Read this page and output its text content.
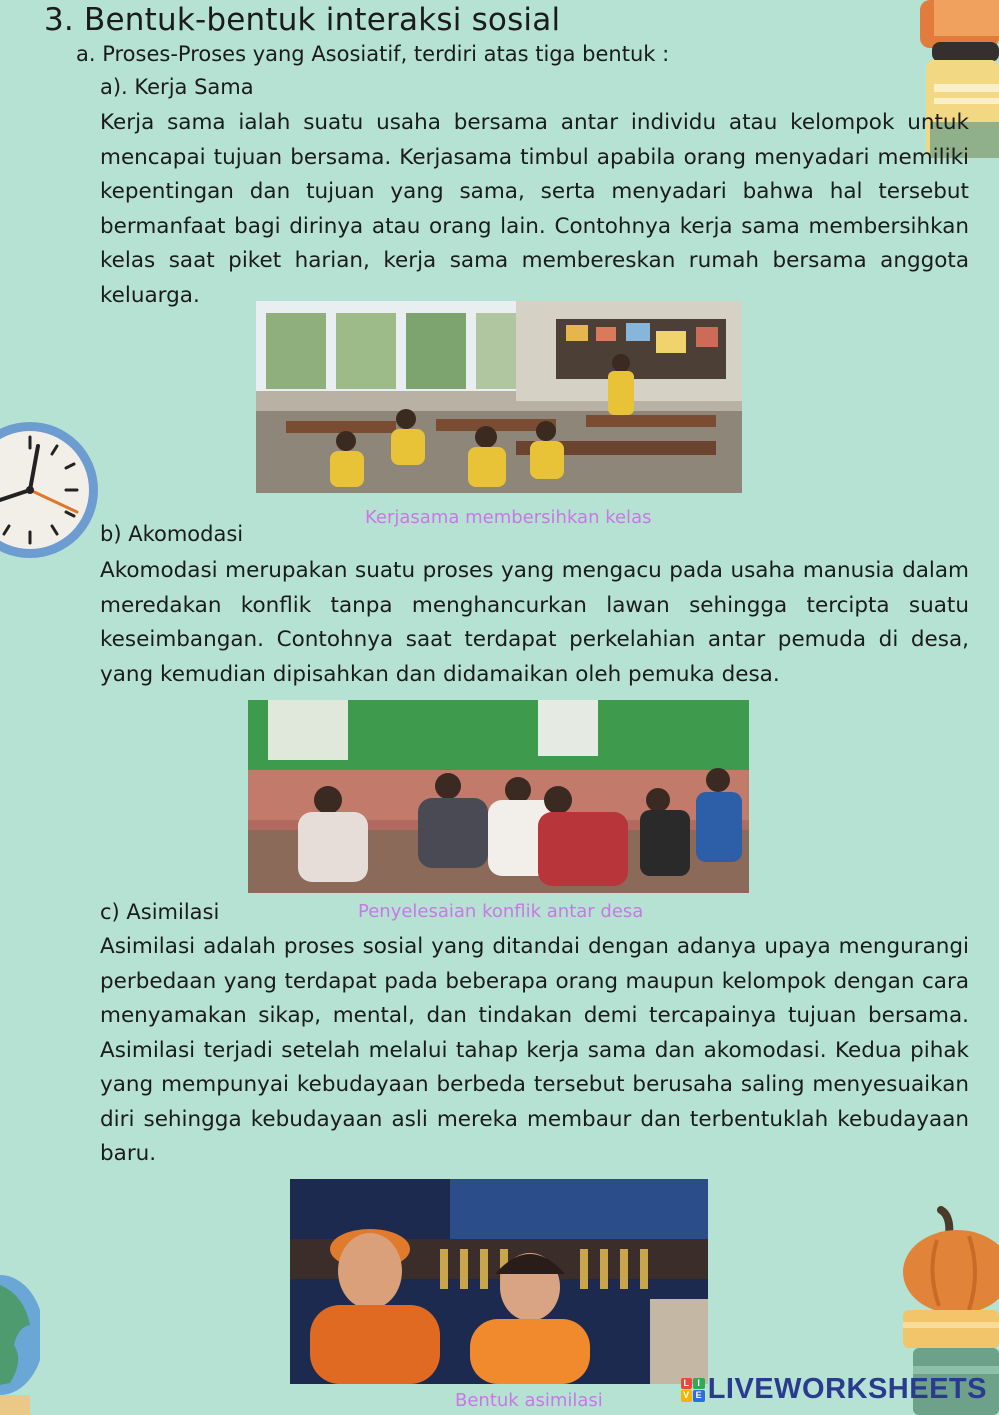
3. Bentuk-bentuk interaksi sosial
a. Proses-Proses yang Asosiatif, terdiri atas tiga bentuk :
a). Kerja Sama
Kerja sama ialah suatu usaha bersama antar individu atau kelompok untuk mencapai tujuan bersama. Kerjasama timbul apabila orang menyadari memiliki kepentingan dan tujuan yang sama, serta menyadari bahwa hal tersebut bermanfaat bagi dirinya atau orang lain. Contohnya kerja sama membersihkan kelas saat piket harian, kerja sama membereskan rumah bersama anggota keluarga.
Kerjasama membersihkan kelas
b) Akomodasi
Akomodasi merupakan suatu proses yang mengacu pada usaha manusia dalam meredakan konflik tanpa menghancurkan lawan sehingga tercipta suatu keseimbangan. Contohnya saat terdapat perkelahian antar pemuda di desa, yang kemudian dipisahkan dan didamaikan oleh pemuka desa.
c) Asimilasi	Penyelesaian konflik antar desa
Asimilasi adalah proses sosial yang ditandai dengan adanya upaya mengurangi perbedaan yang terdapat pada beberapa orang maupun kelompok dengan cara menyamakan sikap, mental, dan tindakan demi tercapainya tujuan bersama. Asimilasi terjadi setelah melalui tahap kerja sama dan akomodasi. Kedua pihak yang mempunyai kebudayaan berbeda tersebut berusaha saling menyesuaikan diri sehingga kebudayaan asli mereka membaur dan terbentuklah kebudayaan baru.
Bentuk asimilasi
L I
V E LIVEWORKSHEETS
